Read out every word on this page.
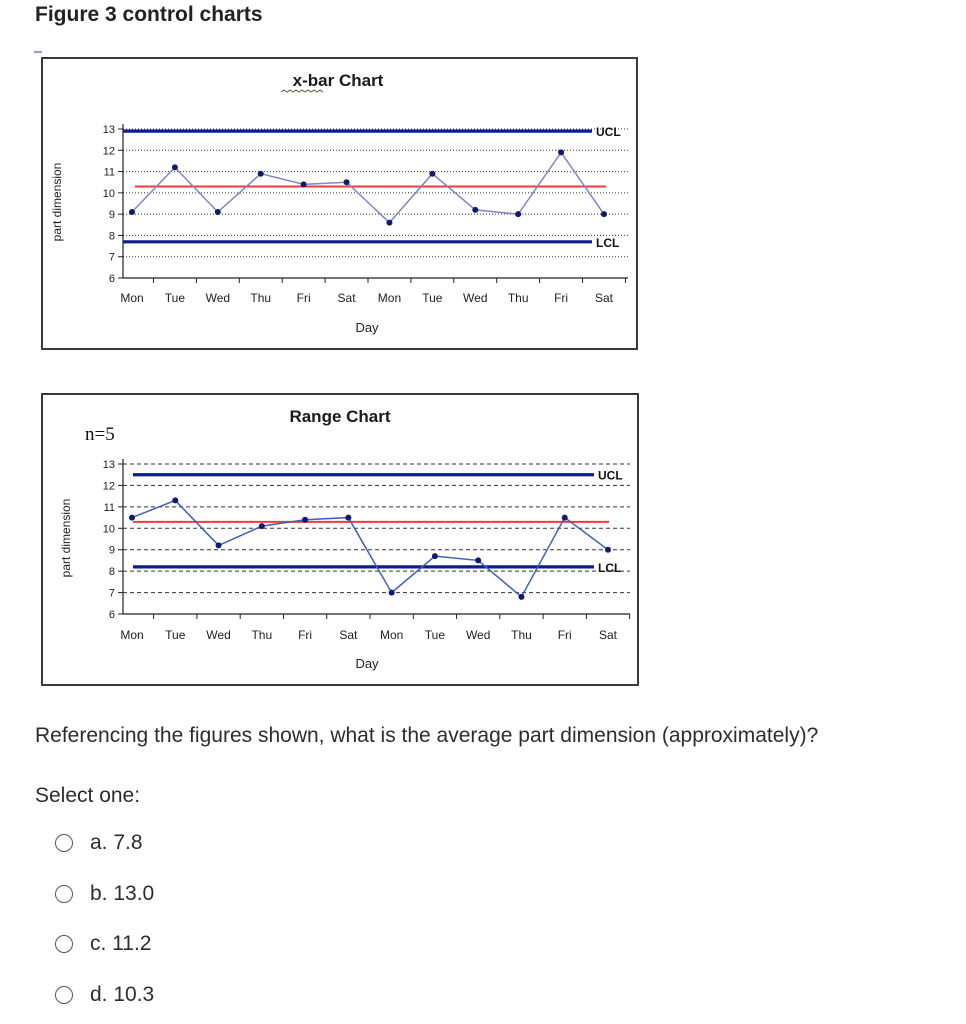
Figure 3 control charts
x-bar Chart
part dimension
6
7
8
9
10
11
12
13
Mon Tue Wed Thu Fri Sat Mon Tue Wed Thu Fri Sat
Day
UCL
LCL
Range Chart
n=5
part dimension
6
7
8
9
10
11
12
13
Mon Tue Wed Thu Fri Sat Mon Tue Wed Thu Fri Sat
Day
UCL
LCL

Referencing the figures shown, what is the average part dimension (approximately)?

Select one:
a. 7.8
b. 13.0
c. 11.2
d. 10.3
